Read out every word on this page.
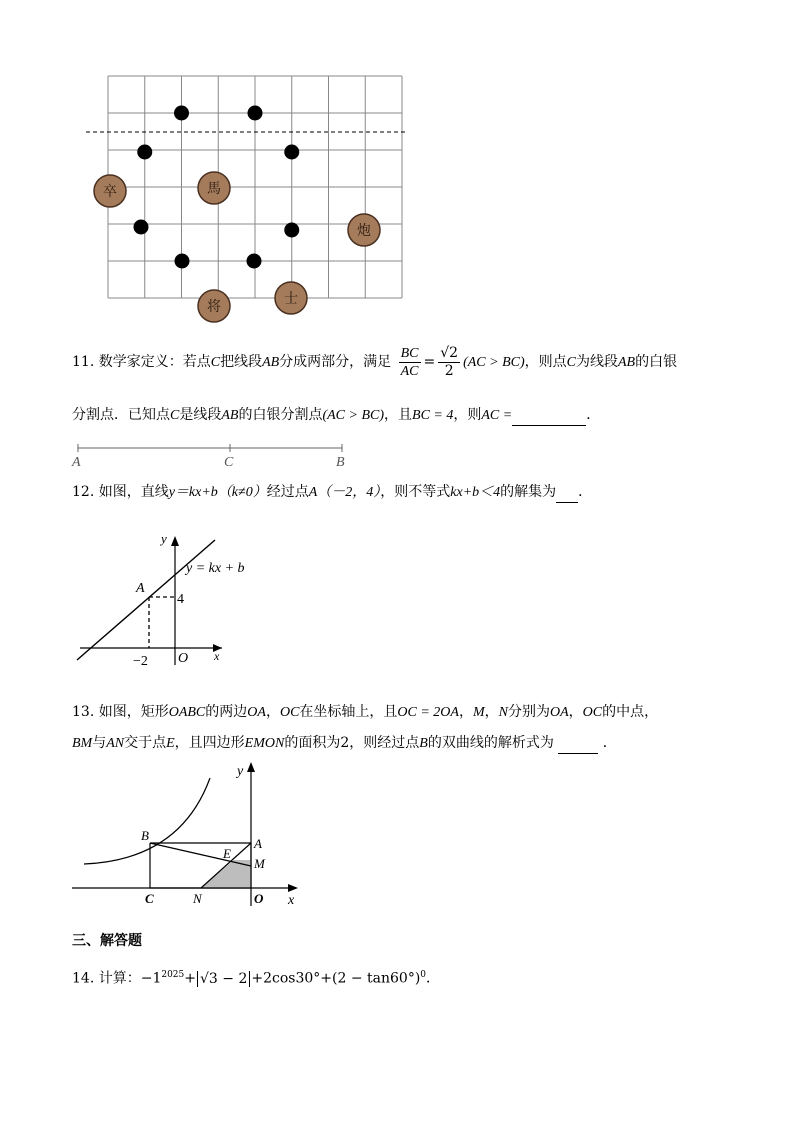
卒	馬
炮
将
士
11. 数学家定义：若点C把线段AB分成两部分，满足 $\frac{BC}{AC} = \frac{√2}{2} (AC > BC)$，则点C为线段AB的白银
分割点．已知点C是线段AB的白银分割点(AC > BC)，且BC = 4，则AC =	．
A	C	B
12. 如图，直线y＝kx+b（k≠0）经过点A（－2，4），则不等式kx+b＜4的解集为 ．
y
x
O
A
y = kx + b
−2
4
13. 如图，矩形OABC的两边OA，OC在坐标轴上，且OC = 2OA，M，N分别为OA，OC的中点，
BM与AN交于点E，且四边形EMON的面积为2，则经过点B的双曲线的解析式为	．
y
x
B
A
E
M
C	N	O
三、解答题
14. 计算：$-1^{2025}+ √3 - 2 +2\cos 30^\circ+(2 - \tan 60^\circ)^0$．
